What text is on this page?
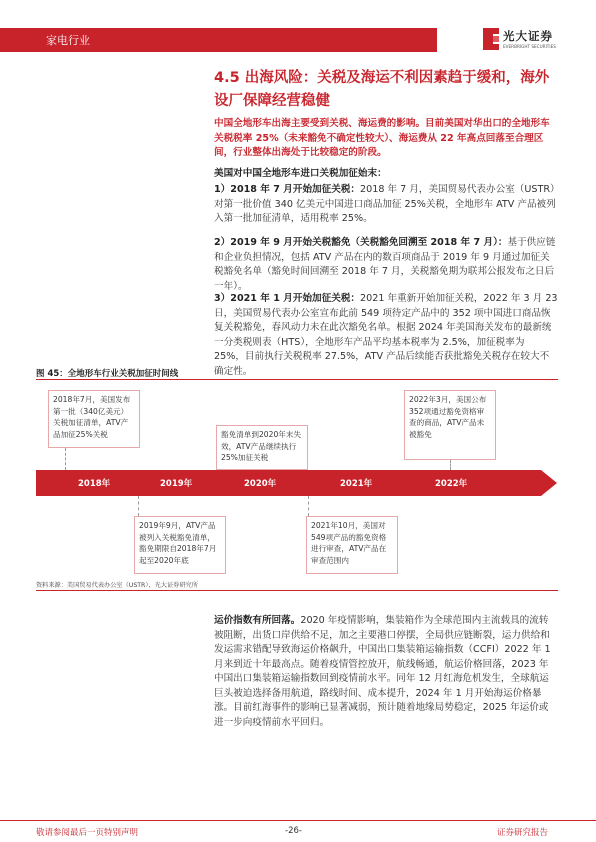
家电行业	光大证券
EVERBRIGHT SECURITIES
4.5 出海风险：关税及海运不利因素趋于缓和，海外设厂保障经营稳健
中国全地形车出海主要受到关税、海运费的影响。目前美国对华出口的全地形车关税税率 25%（未来豁免不确定性较大）、海运费从 22 年高点回落至合理区间，行业整体出海处于比较稳定的阶段。
美国对中国全地形车进口关税加征始末：
1）2018 年 7 月开始加征关税：2018 年 7 月，美国贸易代表办公室（USTR）对第一批价值 340 亿美元中国进口商品加征 25%关税，全地形车 ATV 产品被列入第一批加征清单，适用税率 25%。
2）2019 年 9 月开始关税豁免（关税豁免回溯至 2018 年 7 月）：基于供应链和企业负担情况，包括 ATV 产品在内的数百项商品于 2019 年 9 月通过加征关税豁免名单（豁免时间回溯至 2018 年 7 月，关税豁免期为联邦公报发布之日后一年）。
3）2021 年 1 月开始加征关税：2021 年重新开始加征关税，2022 年 3 月 23 日，美国贸易代表办公室宣布此前 549 项待定产品中的 352 项中国进口商品恢复关税豁免，春风动力未在此次豁免名单。根据 2024 年美国海关发布的最新统一分类税则表（HTS），全地形车产品平均基本税率为 2.5%，加征税率为 25%，目前执行关税税率 27.5%，ATV 产品后续能否获批豁免关税存在较大不确定性。
图 45：全地形车行业关税加征时间线
2018年	2019年	2020年	2021年	2022年
2018年7月，美国发布第一批（340亿美元）关税加征清单，ATV产品加征25%关税	豁免清单到2020年末失效，ATV产品继续执行25%加征关税
2022年3月，美国公布352项通过豁免资格审查的商品，ATV产品未被豁免
2019年9月，ATV产品被列入关税豁免清单，豁免期限自2018年7月起至2020年底
2021年10月，美国对549项产品的豁免资格进行审查，ATV产品在审查范围内
资料来源：美国贸易代表办公室（USTR），光大证券研究所
运价指数有所回落。2020 年疫情影响，集装箱作为全球范围内主流载具的流转被阻断，出货口岸供给不足，加之主要港口停摆，全局供应链断裂，运力供给和发运需求错配导致海运价格飙升，中国出口集装箱运输指数（CCFI）2022 年 1 月来到近十年最高点。随着疫情管控放开，航线畅通，航运价格回落，2023 年中国出口集装箱运输指数回到疫情前水平。同年 12 月红海危机发生，全球航运巨头被迫选择备用航道，路线时间、成本提升，2024 年 1 月开始海运价格暴涨。目前红海事件的影响已显著减弱，预计随着地缘局势稳定，2025 年运价或进一步向疫情前水平回归。
敬请参阅最后一页特别声明	-26-	证券研究报告
